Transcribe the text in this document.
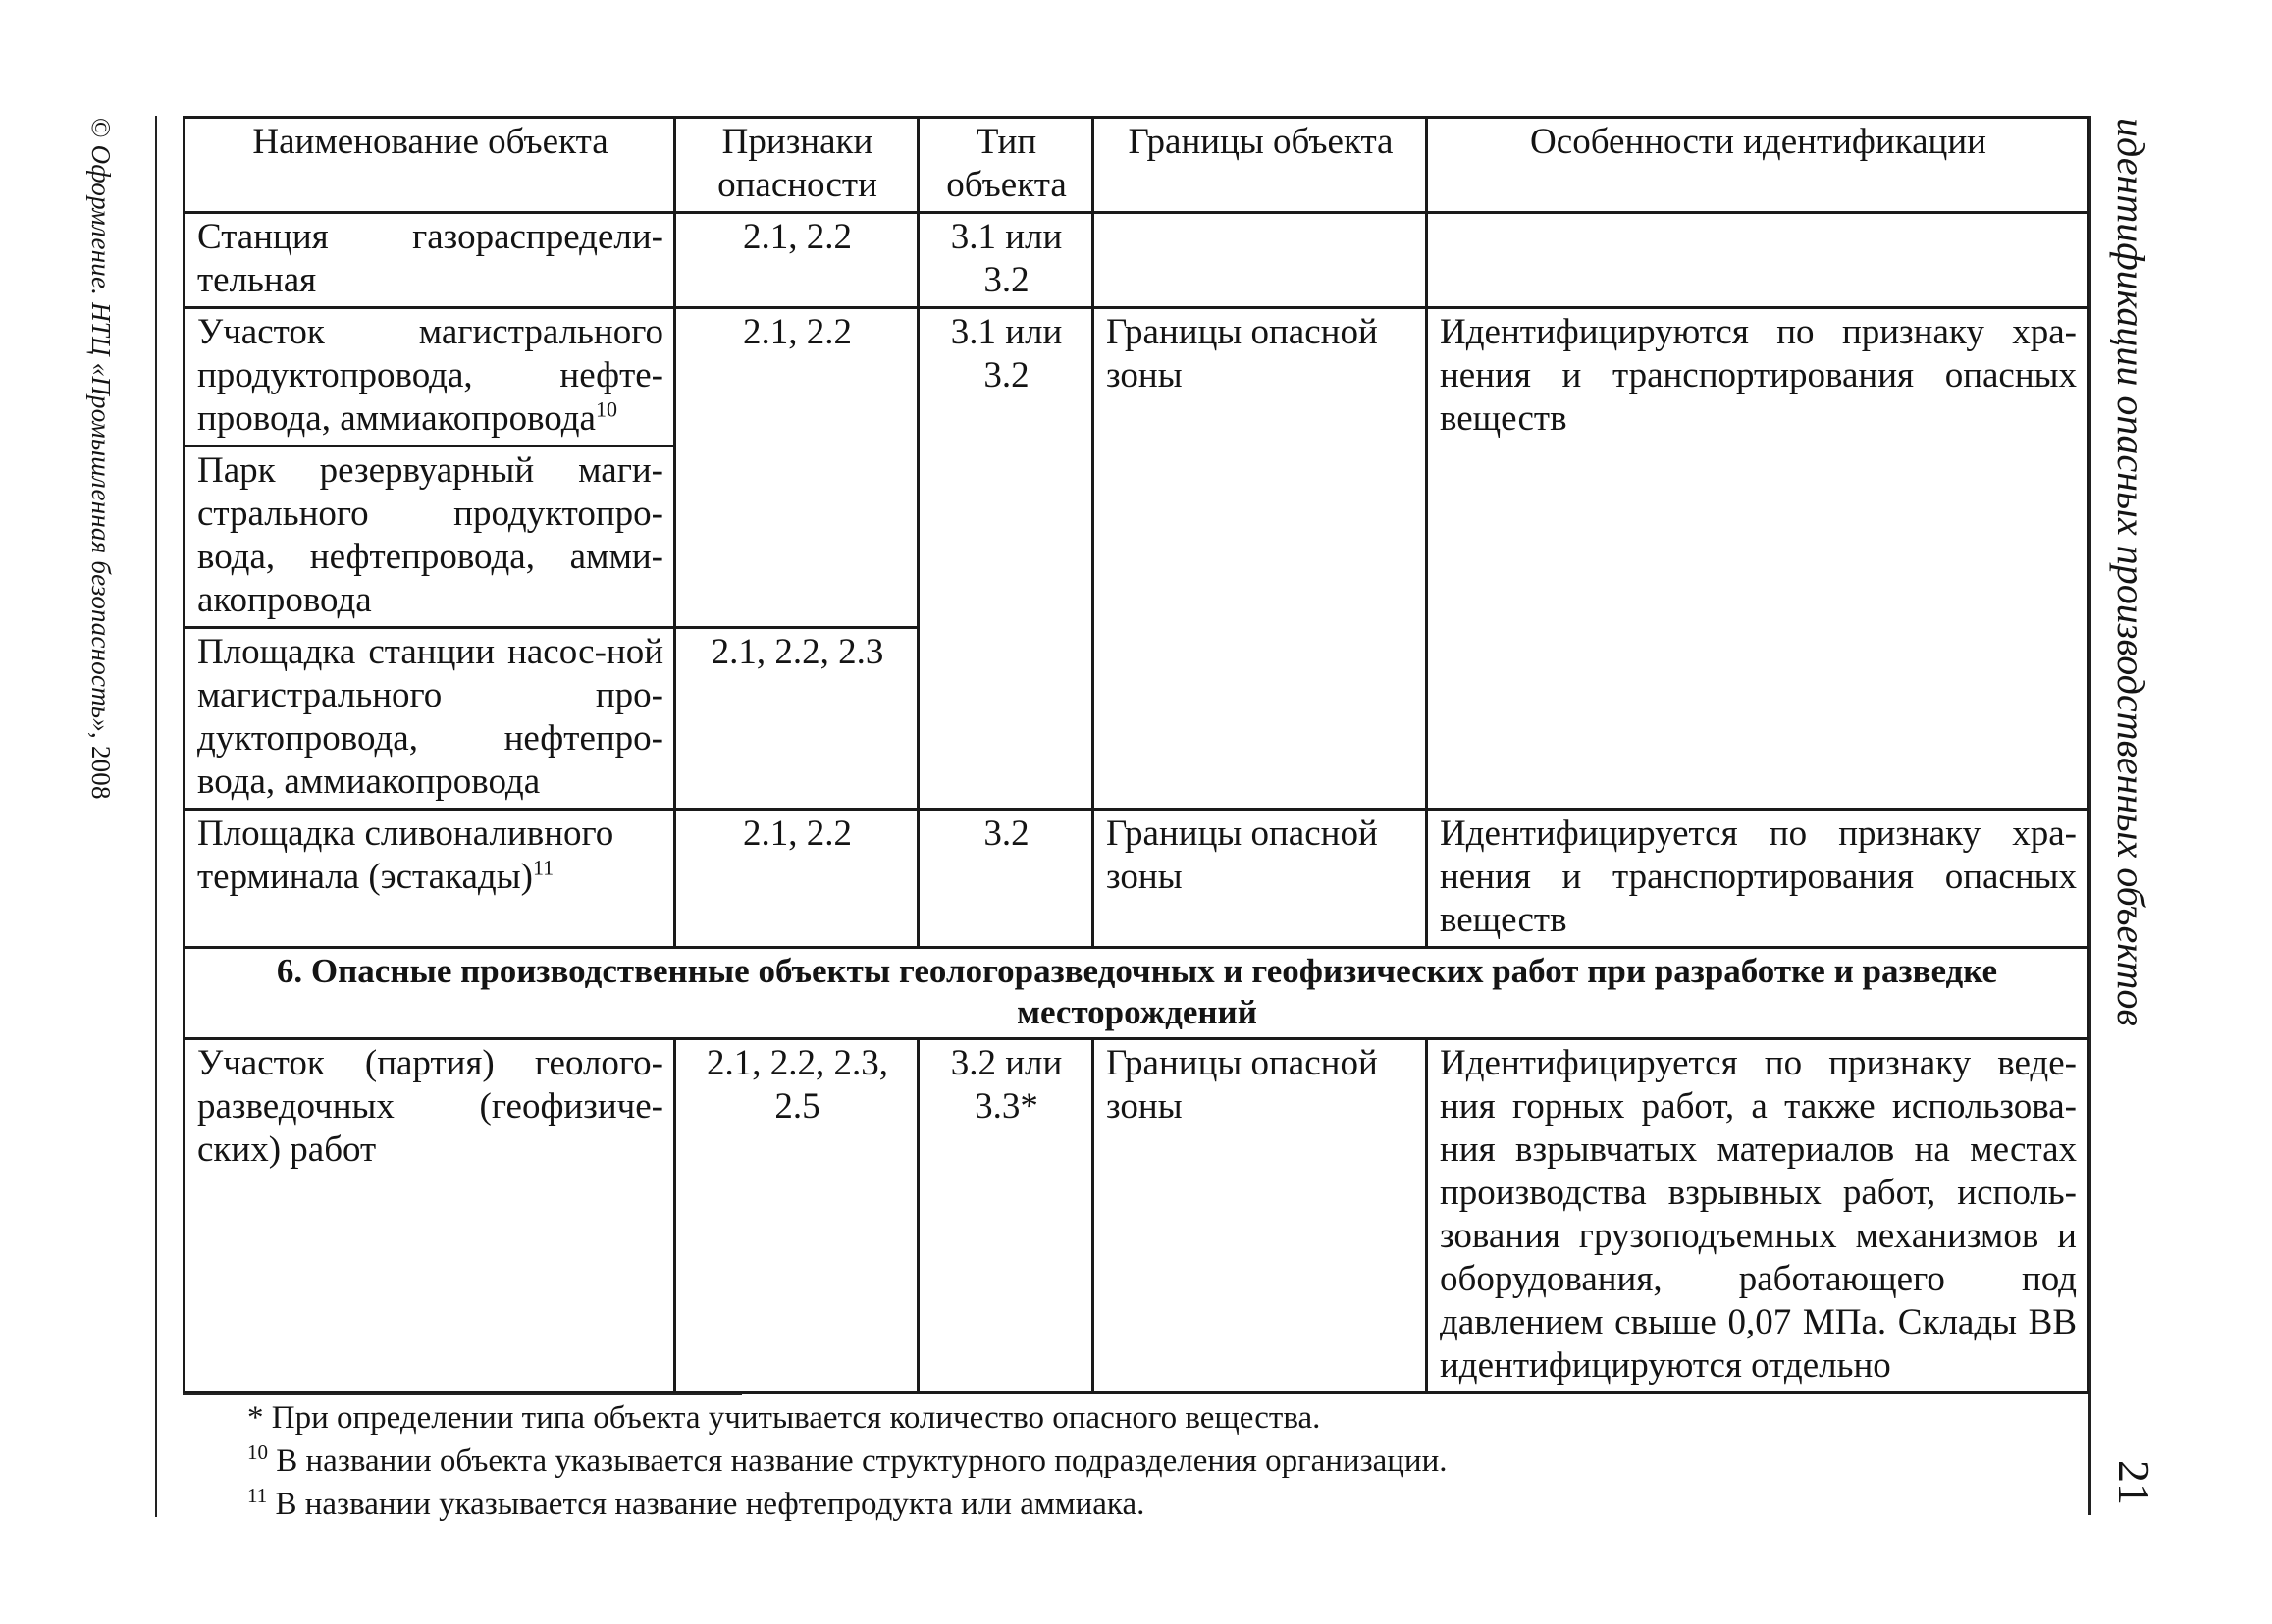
© Оформление. НТЦ «Промышленная безопасность», 2008	идентификации опасных производственных объектов
21
Наименование объекта	Признаки опасности	Тип объекта	Границы объекта	Особенности идентификации
Станция газораспредели-тельная	2.1, 2.2	3.1 или 3.2		
Участок магистрального продуктопровода, нефте-провода, аммиакопровода$^{10}$	2.1, 2.2	3.1 или 3.2	Границы опасной зоны	Идентифицируются по признаку хра-нения и транспортирования опасных веществ
Парк резервуарный маги-стрального продуктопро-вода, нефтепровода, амми-акопровода				
Площадка станции насос-ной магистрального про-дуктопровода, нефтепро-вода, аммиакопровода	2.1, 2.2, 2.3			
Площадка сливоналивного терминала (эстакады)$^{11}$	2.1, 2.2	3.2	Границы опасной зоны	Идентифицируется по признаку хра-нения и транспортирования опасных веществ
6. Опасные производственные объекты геологоразведочных и геофизических работ при разработке и разведке месторождений				
Участок (партия) геолого-разведочных (геофизиче-ских) работ	2.1, 2.2, 2.3, 2.5	3.2 или 3.3*	Границы опасной зоны	Идентифицируется по признаку веде-ния горных работ, а также использова-ния взрывчатых материалов на местах производства взрывных работ, исполь-зования грузоподъемных механизмов и оборудования, работающего под давлением свыше 0,07 МПа. Склады ВВ идентифицируются отдельно
* При определении типа объекта учитывается количество опасного вещества.
$^{10}$ В названии объекта указывается название структурного подразделения организации.
$^{11}$ В названии указывается название нефтепродукта или аммиака.
